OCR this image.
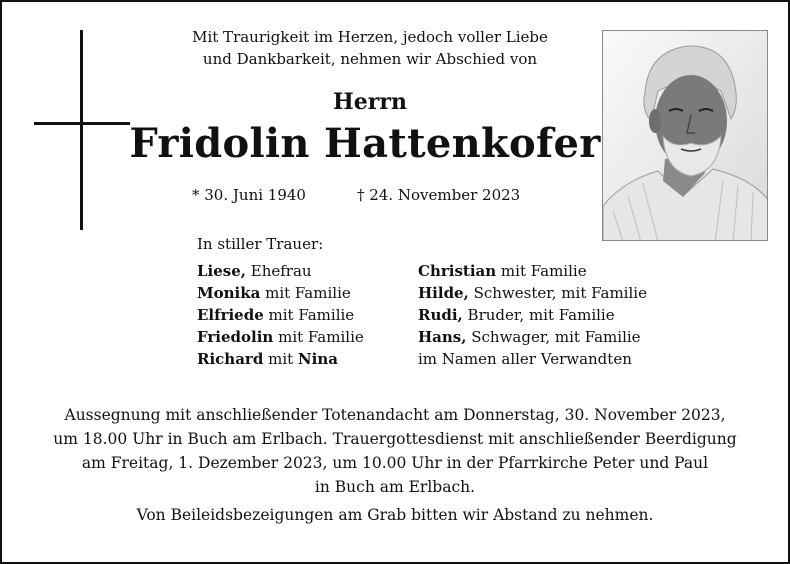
Mit Traurigkeit im Herzen, jedoch voller Liebe
und Dankbarkeit, nehmen wir Abschied von
Herrn
Fridolin Hattenkofer
* 30. Juni 1940	† 24. November 2023
In stiller Trauer:
Liese, Ehefrau
Monika mit Familie
Elfriede mit Familie
Friedolin mit Familie
Richard mit Nina
Christian mit Familie
Hilde, Schwester, mit Familie
Rudi, Bruder, mit Familie
Hans, Schwager, mit Familie
im Namen aller Verwandten
Aussegnung mit anschließender Totenandacht am Donnerstag, 30. November 2023,
um 18.00 Uhr in Buch am Erlbach. Trauergottesdienst mit anschließender Beerdigung
am Freitag, 1. Dezember 2023, um 10.00 Uhr in der Pfarrkirche Peter und Paul
in Buch am Erlbach.
Von Beileidsbezeigungen am Grab bitten wir Abstand zu nehmen.
